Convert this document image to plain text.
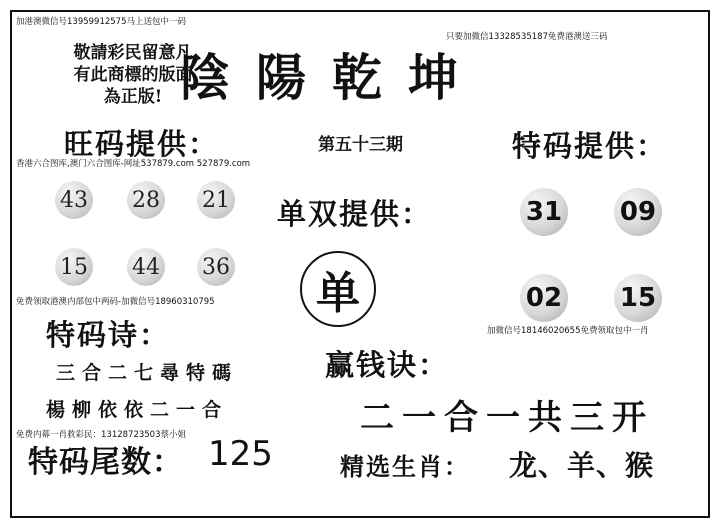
加港澳微信号13959912575马上送包中一码
只要加微信13328535187免费港澳送三码
敬請彩民留意凡有此商標的版面為正版! 陰陽乾坤
旺码提供：
香港六合图库,澳门六合图库-网址537879.com 527879.com
43 28 21
15 44 36
免费领取港澳内部包中两码-加微信号18960310795
第五十三期
单双提供：
单
特码提供：
31 09
02 15
加微信号18146020655免费领取包中一肖
特码诗：
三合二七尋特碼
楊柳依依二一合
免费内幕一肖救彩民：13128723503蔡小姐
特码尾数： 125
赢钱诀：
二一合一共三开
精选生肖： 龙、羊、猴
